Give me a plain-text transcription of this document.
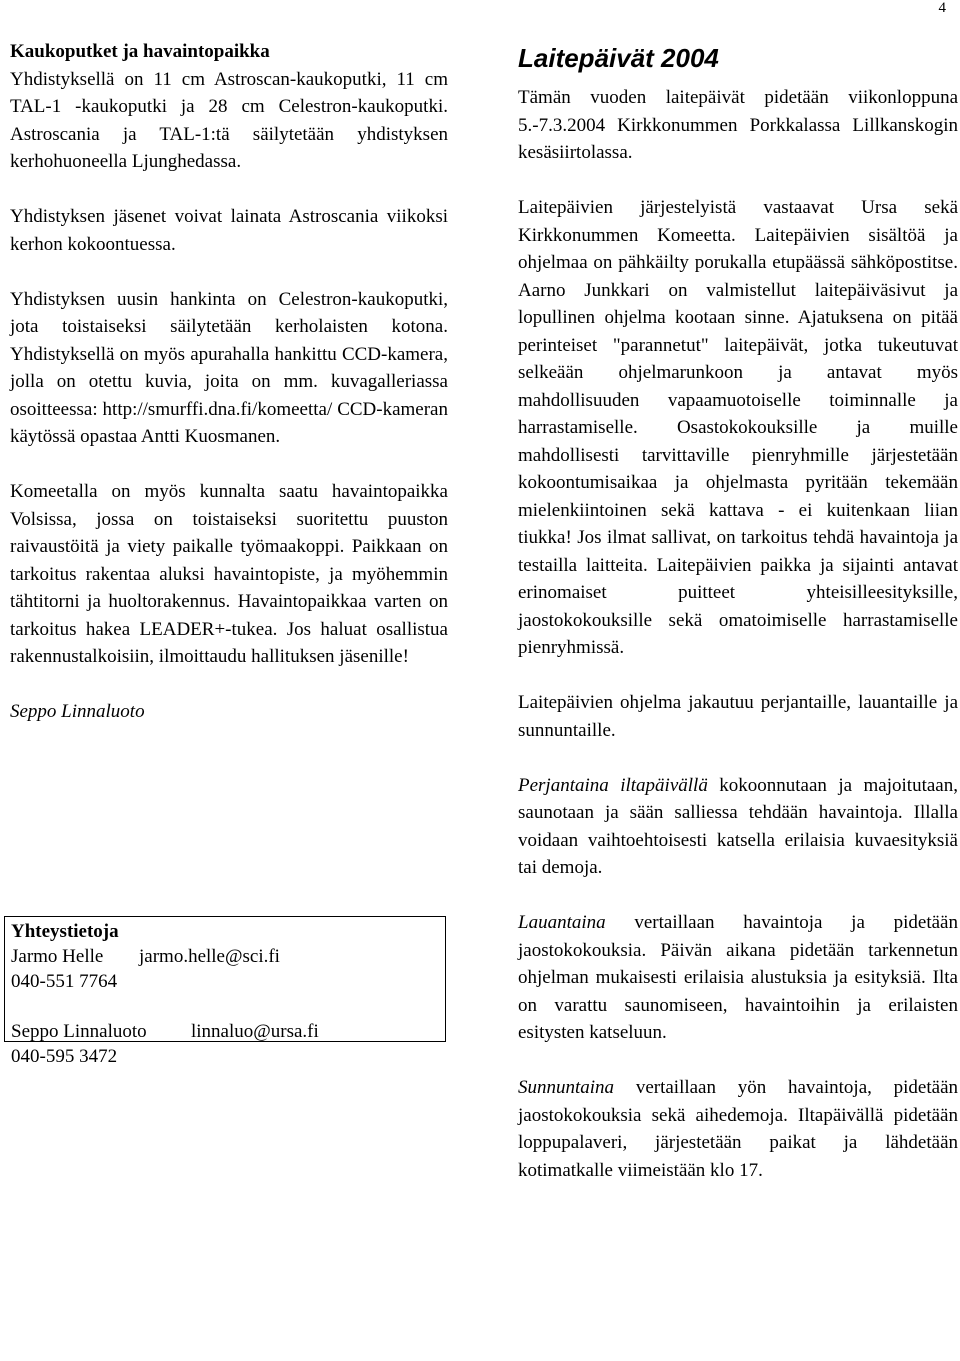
4
Kaukoputket ja havaintopaikka

Yhdistyksellä on 11 cm Astroscan-kaukoputki, 11 cm TAL-1 -kaukoputki ja 28 cm Celestron-kaukoputki. Astroscania ja TAL-1:tä säilytetään yhdistyksen kerhohuoneella Ljunghedassa.

Yhdistyksen jäsenet voivat lainata Astroscania viikoksi kerhon kokoontuessa.

Yhdistyksen uusin hankinta on Celestron-kaukoputki, jota toistaiseksi säilytetään kerholaisten kotona. Yhdistyksellä on myös apurahalla hankittu CCD-kamera, jolla on otettu kuvia, joita on mm. kuvagalleriassa osoitteessa: http://smurffi.dna.fi/komeetta/ CCD-kameran käytössä opastaa Antti Kuosmanen.

Komeetalla on myös kunnalta saatu havaintopaikka Volsissa, jossa on toistaiseksi suoritettu puuston raivaustöitä ja viety paikalle työmaakoppi. Paikkaan on tarkoitus rakentaa aluksi havaintopiste, ja myöhemmin tähtitorni ja huoltorakennus. Havaintopaikkaa varten on tarkoitus hakea LEADER+-tukea. Jos haluat osallistua rakennustalkoisiin, ilmoittaudu hallituksen jäsenille!

Seppo Linnaluoto
Yhteystietoja
Jarmo Helle	jarmo.helle@sci.fi
040-551 7764
Seppo Linnaluoto	linnaluo@ursa.fi
040-595 3472
Laitepäivät 2004

Tämän vuoden laitepäivät pidetään viikonloppuna 5.-7.3.2004 Kirkkonummen Porkkalassa Lillkanskogin kesäsiirtolassa.

Laitepäivien järjestelyistä vastaavat Ursa sekä Kirkkonummen Komeetta. Laitepäivien sisältöä ja ohjelmaa on pähkäilty porukalla etupäässä sähköpostitse. Aarno Junkkari on valmistellut laitepäiväsivut ja lopullinen ohjelma kootaan sinne. Ajatuksena on pitää perinteiset "parannetut" laitepäivät, jotka tukeutuvat selkeään ohjelmarunkoon ja antavat myös mahdollisuuden vapaamuotoiselle toiminnalle ja harrastamiselle. Osastokokouksille ja muille mahdollisesti tarvittaville pienryhmille järjestetään kokoontumisaikaa ja ohjelmasta pyritään tekemään mielenkiintoinen sekä kattava - ei kuitenkaan liian tiukka! Jos ilmat sallivat, on tarkoitus tehdä havaintoja ja testailla laitteita. Laitepäivien paikka ja sijainti antavat erinomaiset puitteet yhteisilleesityksille, jaostokokouksille sekä omatoimiselle harrastamiselle pienryhmissä.

Laitepäivien ohjelma jakautuu perjantaille, lauantaille ja sunnuntaille.

Perjantaina iltapäivällä kokoonnutaan ja majoitutaan, saunotaan ja sään salliessa tehdään havaintoja. Illalla voidaan vaihtoehtoisesti katsella erilaisia kuvaesityksiä tai demoja.

Lauantaina vertaillaan havaintoja ja pidetään jaostokokouksia. Päivän aikana pidetään tarkennetun ohjelman mukaisesti erilaisia alustuksia ja esityksiä. Ilta on varattu saunomiseen, havaintoihin ja erilaisten esitysten katseluun.

Sunnuntaina vertaillaan yön havaintoja, pidetään jaostokokouksia sekä aihedemoja. Iltapäivällä pidetään loppupalaveri, järjestetään paikat ja lähdetään kotimatkalle viimeistään klo 17.
